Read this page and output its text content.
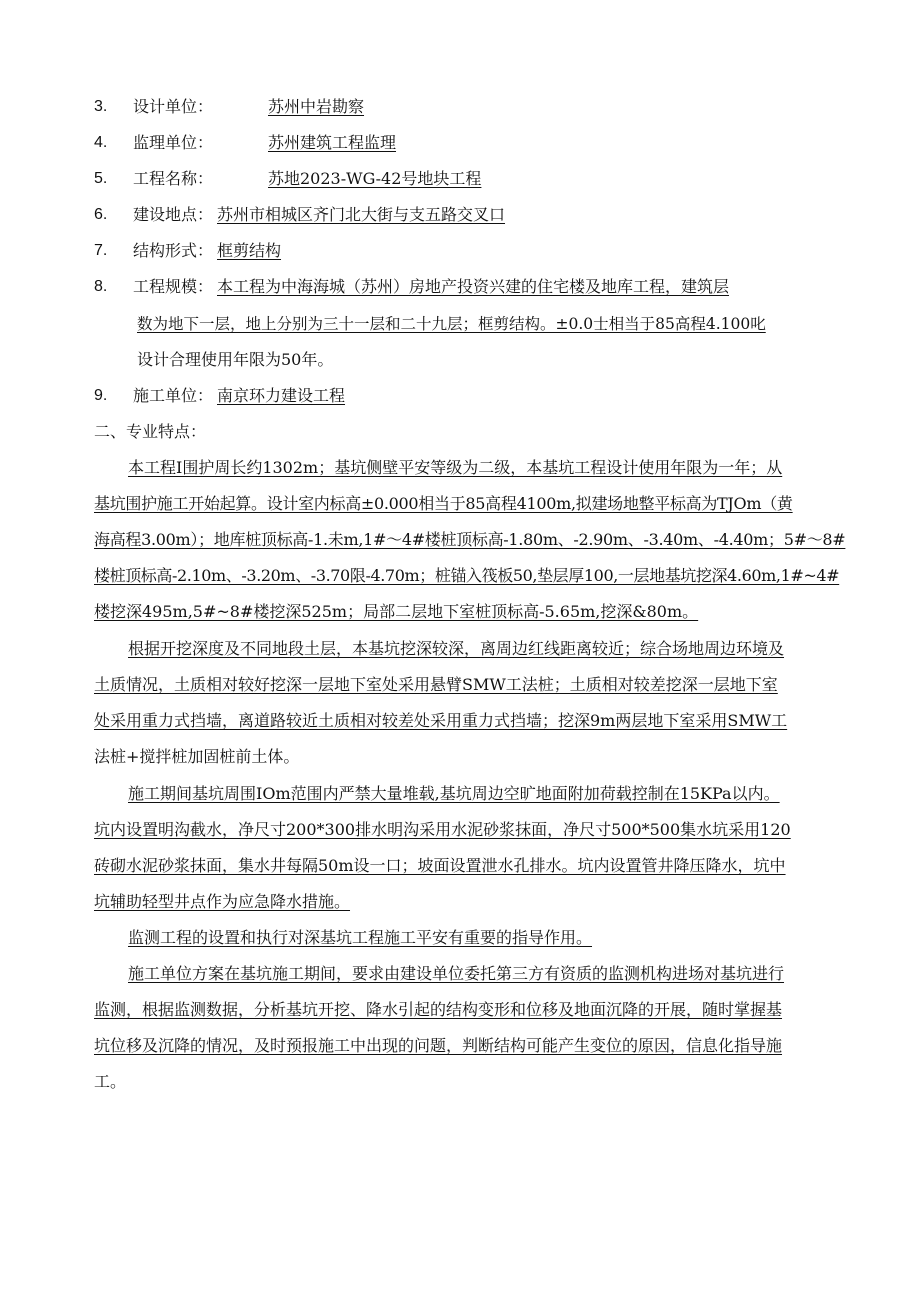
3. 设计单位：	苏州中岩勘察
4. 监理单位：	苏州建筑工程监理
5. 工程名称：	苏地2023-WG-42号地块工程
6. 建设地点： 苏州市相城区齐门北大街与支五路交叉口
7. 结构形式： 框剪结构
8. 工程规模： 本工程为中海海城（苏州）房地产投资兴建的住宅楼及地库工程，建筑层
数为地下一层，地上分别为三十一层和二十九层；框剪结构。±0.0士相当于85高程4.100叱
设计合理使用年限为50年。
9. 施工单位： 南京环力建设工程
二、专业特点：
本工程I围护周长约1302m；基坑侧壁平安等级为二级，本基坑工程设计使用年限为一年；从
基坑围护施工开始起算。设计室内标高±0.000相当于85高程4100m,拟建场地整平标高为TJOm（黄
海高程3.00m）；地库桩顶标高-1.未m,1#～4#楼桩顶标高-1.80m、-2.90m、-3.40m、-4.40m；5#～8#
楼桩顶标高-2.10m、-3.20m、-3.70限-4.70m；桩锚入筏板50,垫层厚100,一层地基坑挖深4.60m,1#~4#
楼挖深495m,5#~8#楼挖深525m；局部二层地下室桩顶标高-5.65m,挖深&80m。
根据开挖深度及不同地段土层，本基坑挖深较深，离周边红线距离较近；综合场地周边环境及
土质情况，土质相对较好挖深一层地下室处采用悬臂SMW工法桩；土质相对较差挖深一层地下室
处采用重力式挡墙，离道路较近土质相对较差处采用重力式挡墙；挖深9m两层地下室采用SMW工
法桩+搅拌桩加固桩前土体。
施工期间基坑周围IOm范围内严禁大量堆载,基坑周边空旷地面附加荷载控制在15KPa以内。
坑内设置明沟截水，净尺寸200*300排水明沟采用水泥砂浆抹面，净尺寸500*500集水坑采用120
砖砌水泥砂浆抹面，集水井每隔50m设一口；坡面设置泄水孔排水。坑内设置管井降压降水，坑中
坑辅助轻型井点作为应急降水措施。
监测工程的设置和执行对深基坑工程施工平安有重要的指导作用。
施工单位方案在基坑施工期间，要求由建设单位委托第三方有资质的监测机构进场对基坑进行
监测，根据监测数据，分析基坑开挖、降水引起的结构变形和位移及地面沉降的开展，随时掌握基
坑位移及沉降的情况，及时预报施工中出现的问题，判断结构可能产生变位的原因，信息化指导施
工。
